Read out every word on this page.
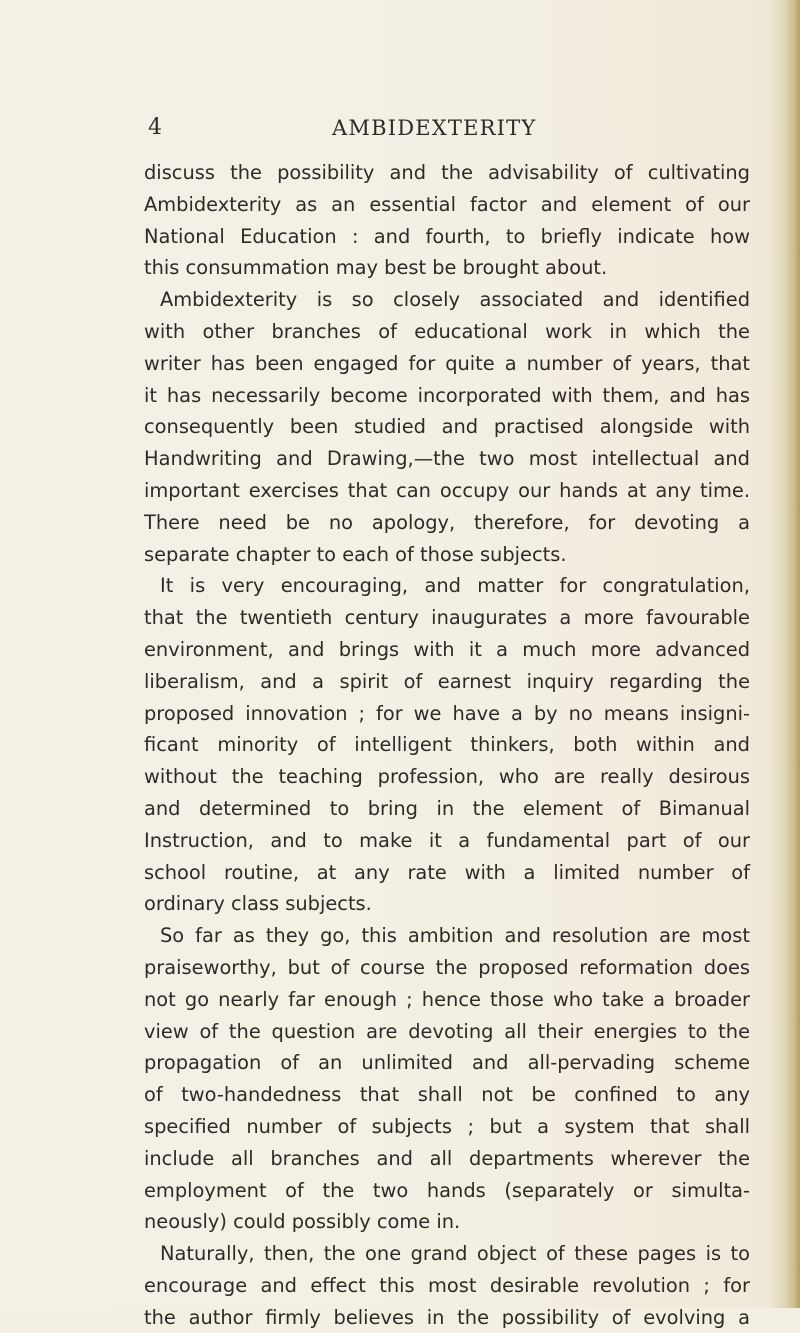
4	AMBIDEXTERITY
discuss the possibility and the advisability of cultivating
Ambidexterity as an essential factor and element of our
National Education : and fourth, to briefly indicate how
this consummation may best be brought about.
Ambidexterity is so closely associated and identified
with other branches of educational work in which the
writer has been engaged for quite a number of years, that
it has necessarily become incorporated with them, and has
consequently been studied and practised alongside with
Handwriting and Drawing,—the two most intellectual and
important exercises that can occupy our hands at any time.
There need be no apology, therefore, for devoting a
separate chapter to each of those subjects.
It is very encouraging, and matter for congratulation,
that the twentieth century inaugurates a more favourable
environment, and brings with it a much more advanced
liberalism, and a spirit of earnest inquiry regarding the
proposed innovation ; for we have a by no means insigni-
ficant minority of intelligent thinkers, both within and
without the teaching profession, who are really desirous
and determined to bring in the element of Bimanual
Instruction, and to make it a fundamental part of our
school routine, at any rate with a limited number of
ordinary class subjects.
So far as they go, this ambition and resolution are most
praiseworthy, but of course the proposed reformation does
not go nearly far enough ; hence those who take a broader
view of the question are devoting all their energies to the
propagation of an unlimited and all-pervading scheme
of two-handedness that shall not be confined to any
specified number of subjects ; but a system that shall
include all branches and all departments wherever the
employment of the two hands (separately or simulta-
neously) could possibly come in.
Naturally, then, the one grand object of these pages is to
encourage and effect this most desirable revolution ; for
the author firmly believes in the possibility of evolving a
